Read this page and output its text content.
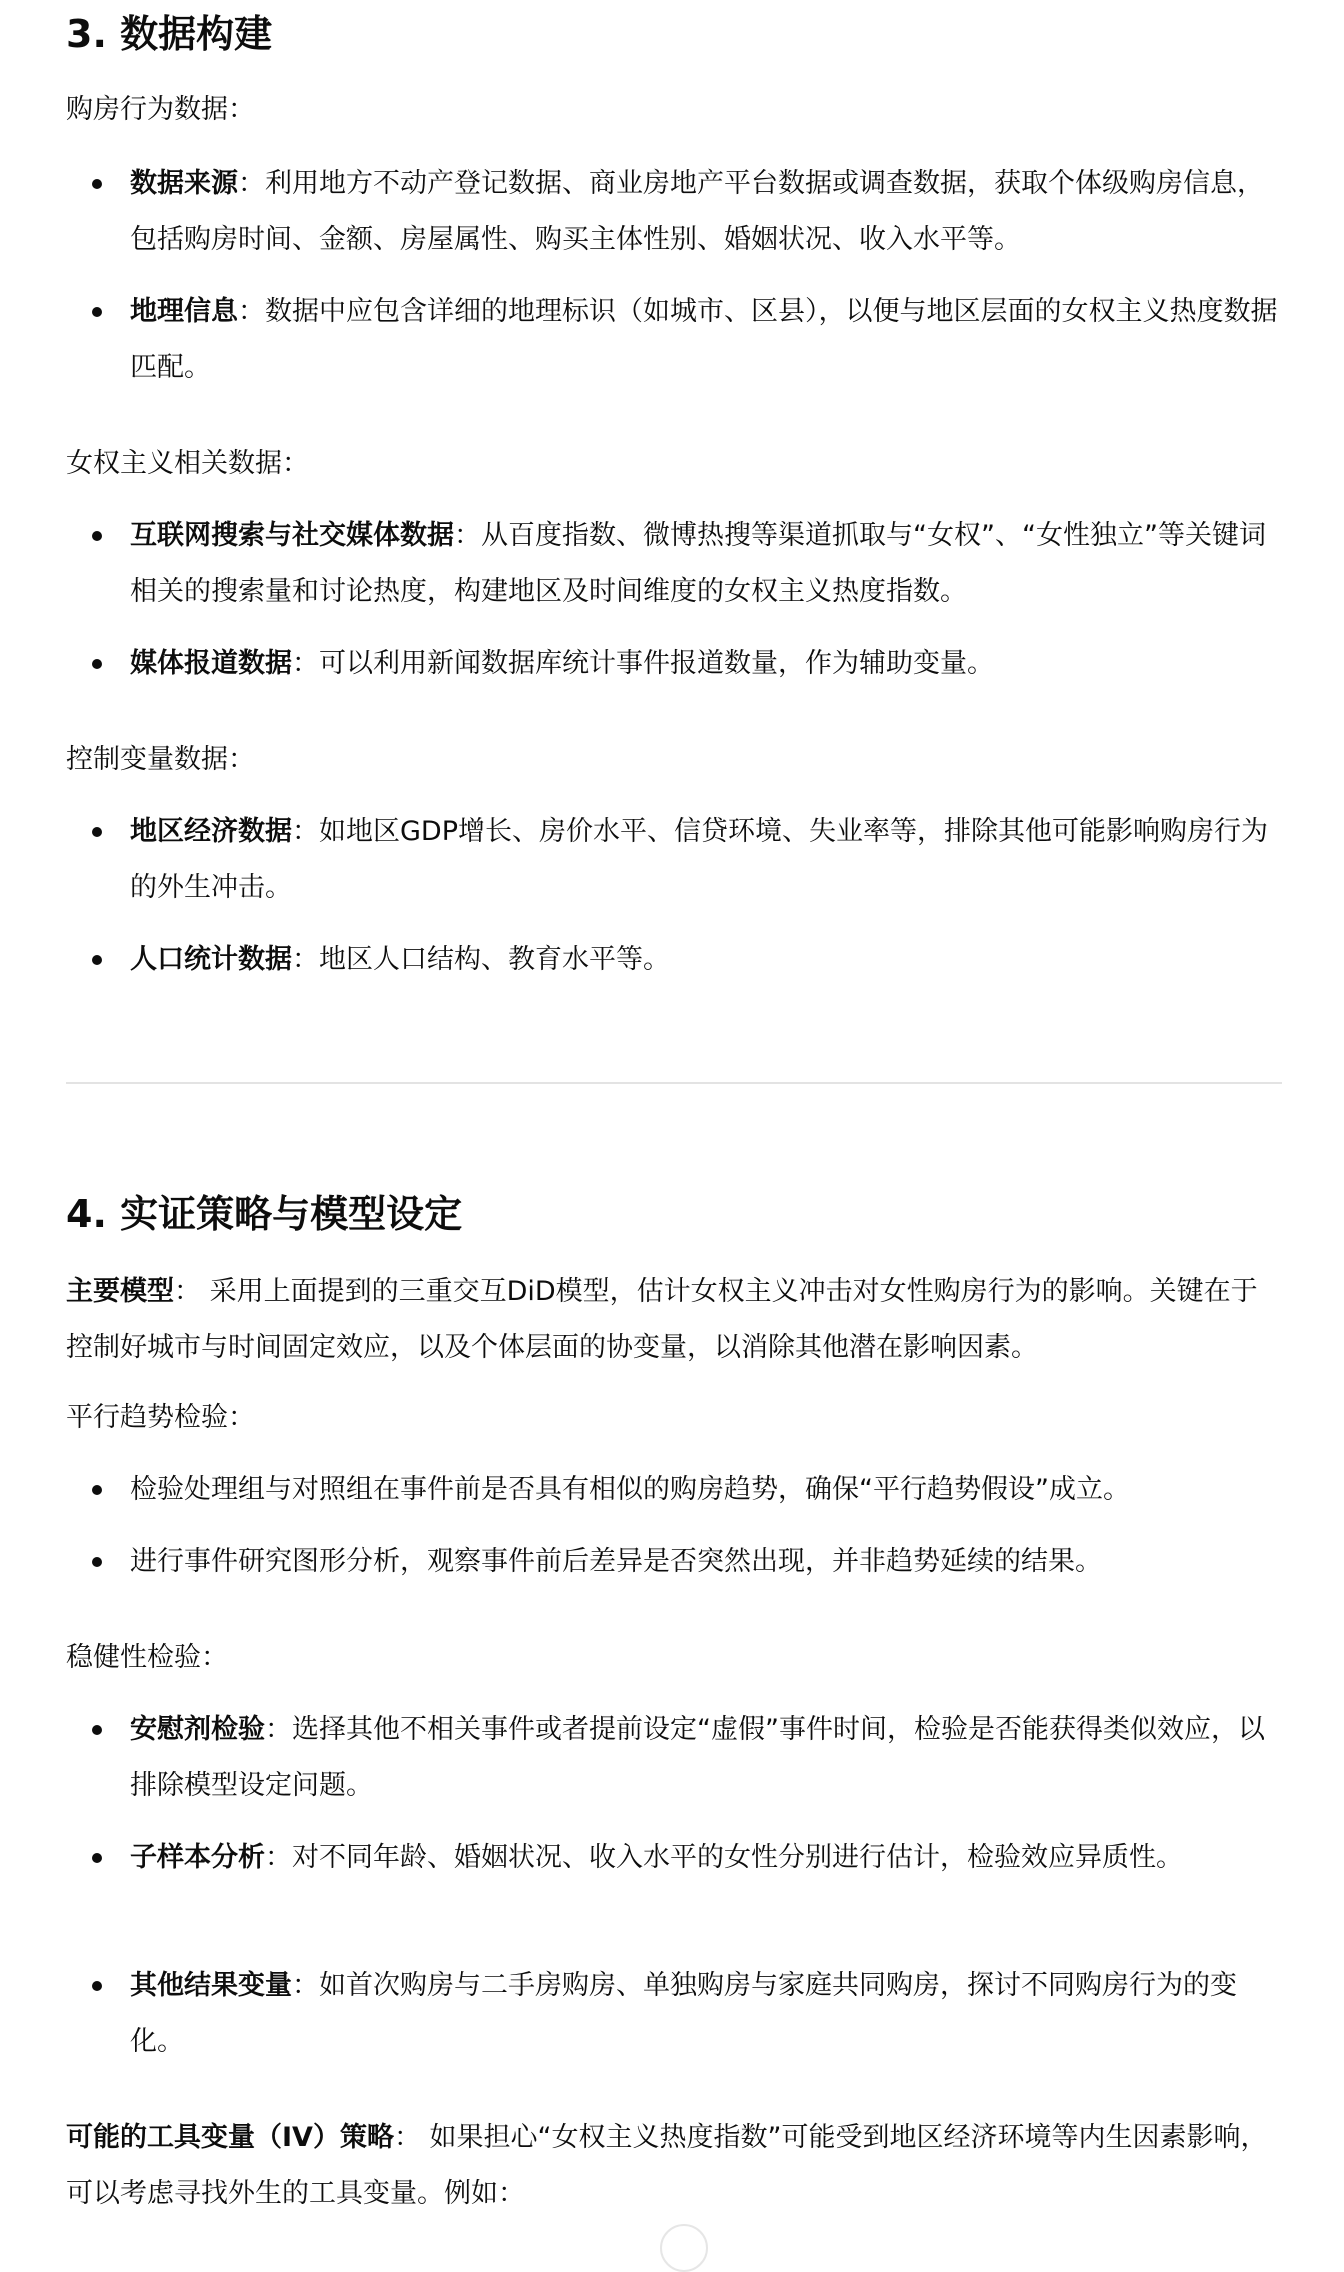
3. 数据构建

购房行为数据：

数据来源：利用地方不动产登记数据、商业房地产平台数据或调查数据，获取个体级购房信息，包括购房时间、金额、房屋属性、购买主体性别、婚姻状况、收入水平等。
地理信息：数据中应包含详细的地理标识（如城市、区县），以便与地区层面的女权主义热度数据匹配。

女权主义相关数据：

互联网搜索与社交媒体数据：从百度指数、微博热搜等渠道抓取与“女权”、“女性独立”等关键词相关的搜索量和讨论热度，构建地区及时间维度的女权主义热度指数。
媒体报道数据：可以利用新闻数据库统计事件报道数量，作为辅助变量。

控制变量数据：

地区经济数据：如地区GDP增长、房价水平、信贷环境、失业率等，排除其他可能影响购房行为的外生冲击。
人口统计数据：地区人口结构、教育水平等。
4. 实证策略与模型设定

主要模型： 采用上面提到的三重交互DiD模型，估计女权主义冲击对女性购房行为的影响。关键在于控制好城市与时间固定效应，以及个体层面的协变量，以消除其他潜在影响因素。

平行趋势检验：

检验处理组与对照组在事件前是否具有相似的购房趋势，确保“平行趋势假设”成立。
进行事件研究图形分析，观察事件前后差异是否突然出现，并非趋势延续的结果。

稳健性检验：

安慰剂检验：选择其他不相关事件或者提前设定“虚假”事件时间，检验是否能获得类似效应，以排除模型设定问题。
子样本分析：对不同年龄、婚姻状况、收入水平的女性分别进行估计，检验效应异质性。
其他结果变量：如首次购房与二手房购房、单独购房与家庭共同购房，探讨不同购房行为的变化。

可能的工具变量（IV）策略： 如果担心“女权主义热度指数”可能受到地区经济环境等内生因素影响，可以考虑寻找外生的工具变量。例如：
